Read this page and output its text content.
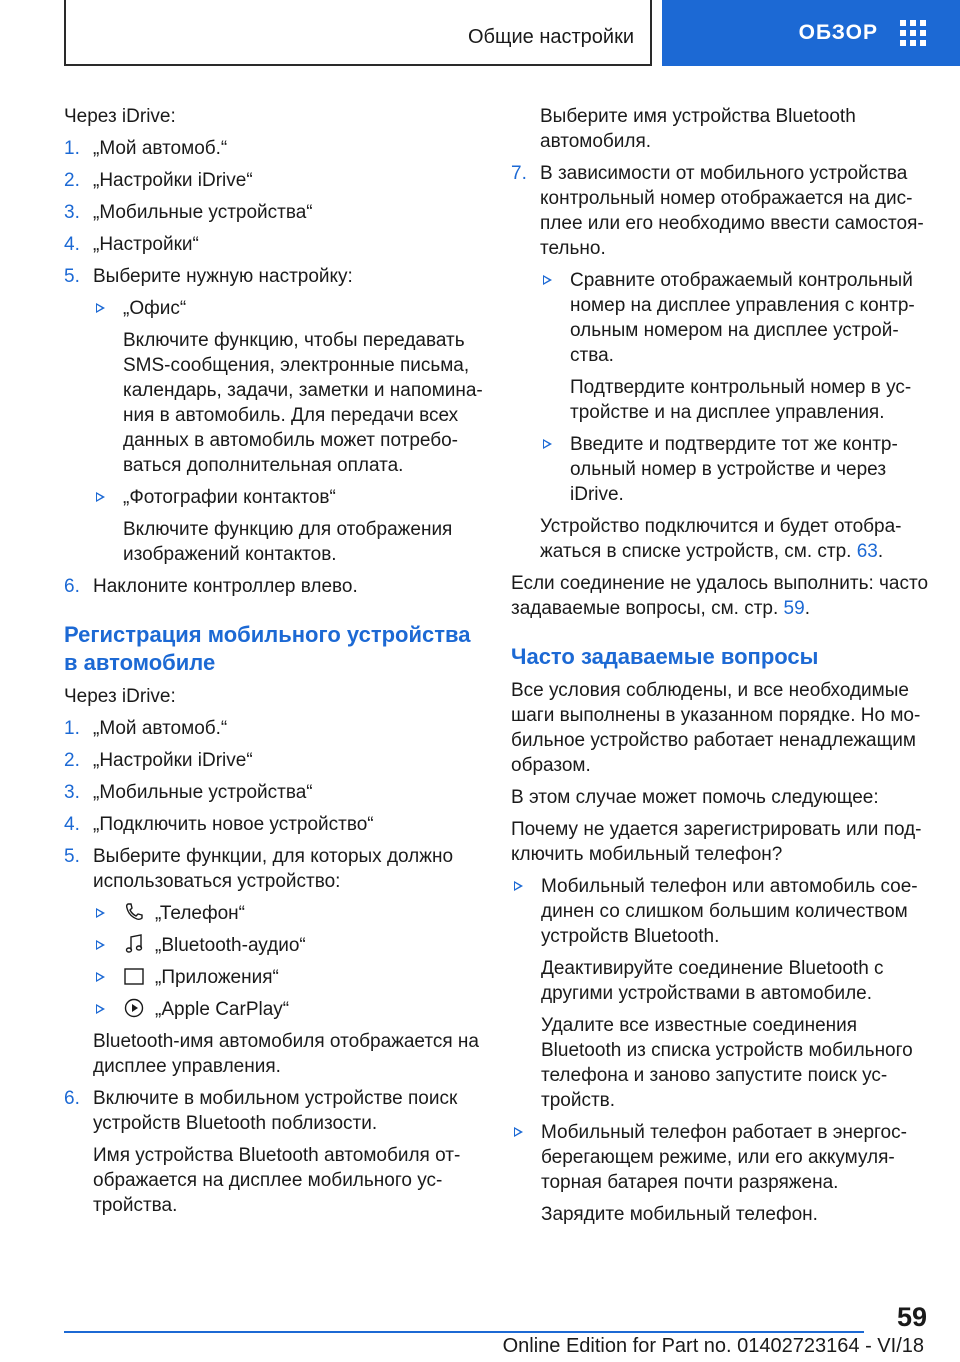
Общие настройки	ОБЗОР

Через iDrive:

1. „Мой автомоб.“
2. „Настройки iDrive“
3. „Мобильные устройства“
4. „Настройки“
5. Выберите нужную настройку:

„Офис“

Включите функцию, чтобы передавать SMS-сообщения, электронные письма, календарь, задачи, заметки и напомина-ния в автомобиль. Для передачи всех данных в автомобиль может потребо-ваться дополнительная оплата.

„Фотографии контактов“

Включите функцию для отображения изображений контактов.

6. Наклоните контроллер влево.
Регистрация мобильного устройства в автомобиле

Через iDrive:

1. „Мой автомоб.“
2. „Настройки iDrive“
3. „Мобильные устройства“
4. „Подключить новое устройство“
5. Выберите функции, для которых должно использоваться устройство:
„Телефон“
„Bluetooth-аудио“
„Приложения“
„Apple CarPlay“

Bluetooth-имя автомобиля отображается на дисплее управления.

6. Включите в мобильном устройстве поиск устройств Bluetooth поблизости.

Имя устройства Bluetooth автомобиля от-ображается на дисплее мобильного ус-тройства.

Выберите имя устройства Bluetooth автомобиля.

7. В зависимости от мобильного устройства контрольный номер отображается на дис-плее или его необходимо ввести самостоя-тельно.

Сравните отображаемый контрольный номер на дисплее управления с контр-ольным номером на дисплее устрой-ства.

Подтвердите контрольный номер в ус-тройстве и на дисплее управления.

Введите и подтвердите тот же контр-ольный номер в устройстве и через iDrive.

Устройство подключится и будет отобра-жаться в списке устройств, см. стр. 63.

Если соединение не удалось выполнить: часто задаваемые вопросы, см. стр. 59.

Часто задаваемые вопросы

Все условия соблюдены, и все необходимые шаги выполнены в указанном порядке. Но мо-бильное устройство работает ненадлежащим образом.

В этом случае может помочь следующее:

Почему не удается зарегистрировать или под-ключить мобильный телефон?

Мобильный телефон или автомобиль сое-динен со слишком большим количеством устройств Bluetooth.

Деактивируйте соединение Bluetooth с другими устройствами в автомобиле.

Удалите все известные соединения Bluetooth из списка устройств мобильного телефона и заново запустите поиск ус-тройств.

Мобильный телефон работает в энергос-берегающем режиме, или его аккумуля-торная батарея почти разряжена.

Зарядите мобильный телефон.

59
Online Edition for Part no. 01402723164 - VI/18
